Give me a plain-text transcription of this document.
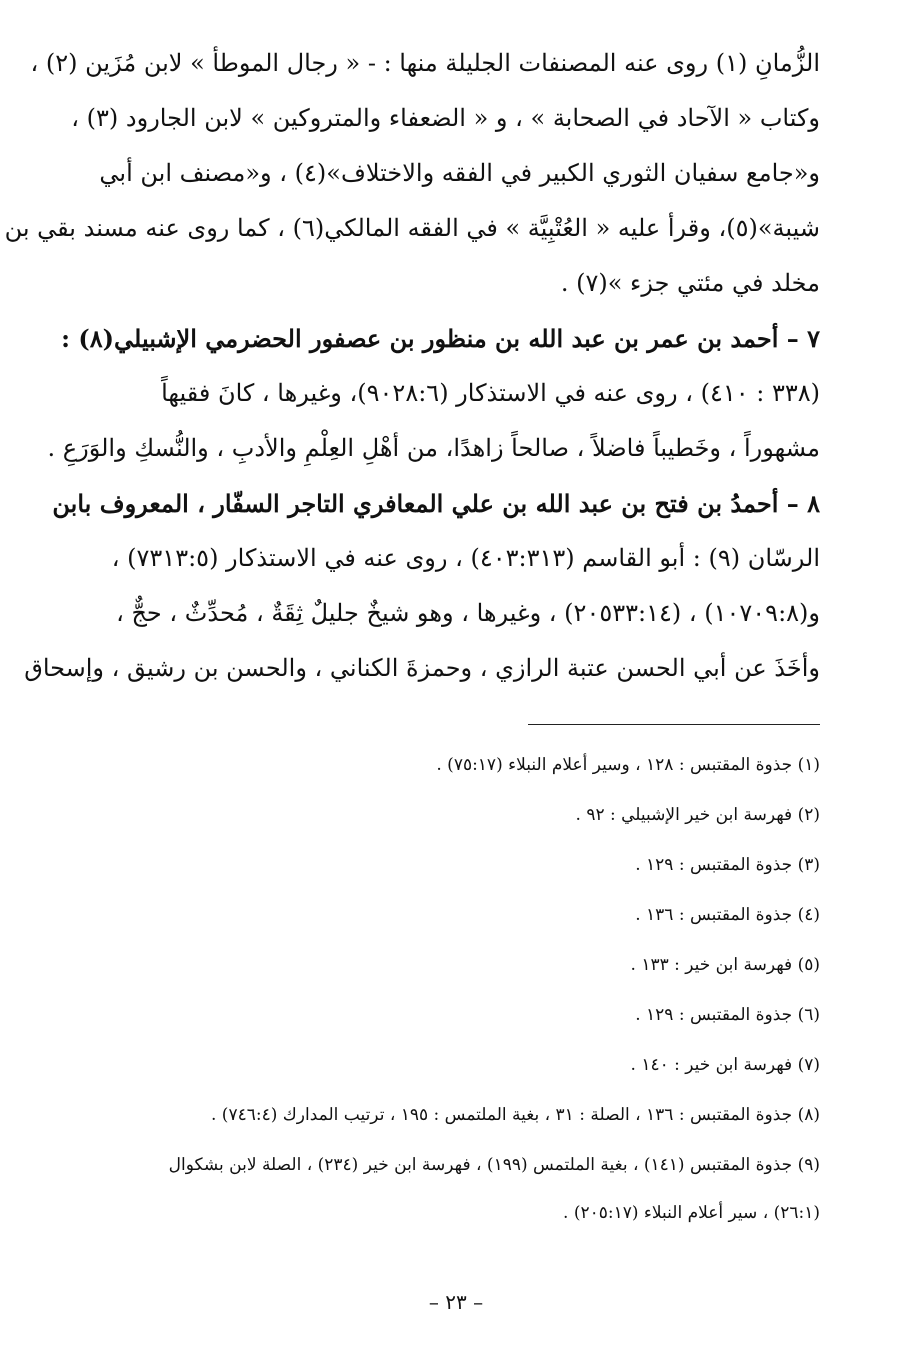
الزُّمانِ (١) روى عنه المصنفات الجليلة منها : - « رجال الموطأ » لابن مُزَين (٢) ،
وكتاب « الآحاد في الصحابة » ، و « الضعفاء والمتروكين » لابن الجارود (٣) ،
و«جامع سفيان الثوري الكبير في الفقه والاختلاف»(٤) ، و«مصنف ابن أبي
شيبة»(٥)، وقرأ عليه « العُتْبِيَّة » في الفقه المالكي(٦) ، كما روى عنه مسند بقي بن
مخلد في مئتي جزء »(٧) .
٧ – أحمد بن عمر بن عبد الله بن منظور بن عصفور الحضرمي الإشبيلي(٨) :
(٣٣٨ : ٤١٠) ، روى عنه في الاستذكار (٩٠٢٨:٦)، وغيرها ، كانَ فقيهاً
مشهوراً ، وخَطيباً فاضلاً ، صالحاً زاهدًا، من أهْلِ العِلْمِ والأدبِ ، والنُّسكِ والوَرَعِ .
٨ – أحمدُ بن فتح بن عبد الله بن علي المعافري التاجر السفّار ، المعروف بابن
الرسّان (٩) : أبو القاسم (٤٠٣:٣١٣) ، روى عنه في الاستذكار (٧٣١٣:٥) ،
و(١٠٧٠٩:٨) ، (٢٠٥٣٣:١٤) ، وغيرها ، وهو شيخٌ جليلٌ ثِقَةٌ ، مُحدِّثٌ ، حجٌّ ،
وأخَذَ عن أبي الحسن عتبة الرازي ، وحمزةَ الكناني ، والحسن بن رشيق ، وإسحاق
(١) جذوة المقتبس : ١٢٨ ، وسير أعلام النبلاء (٧٥:١٧) .
(٢) فهرسة ابن خير الإشبيلي : ٩٢ .
(٣) جذوة المقتبس : ١٢٩ .
(٤) جذوة المقتبس : ١٣٦ .
(٥) فهرسة ابن خير : ١٣٣ .
(٦) جذوة المقتبس : ١٢٩ .
(٧) فهرسة ابن خير : ١٤٠ .
(٨) جذوة المقتبس : ١٣٦ ، الصلة : ٣١ ، بغية الملتمس : ١٩٥ ، ترتيب المدارك (٧٤٦:٤) .
(٩) جذوة المقتبس (١٤١) ، بغية الملتمس (١٩٩) ، فهرسة ابن خير (٢٣٤) ، الصلة لابن بشكوال
(٢٦:١) ، سير أعلام النبلاء (٢٠٥:١٧) .
– ٢٣ –
